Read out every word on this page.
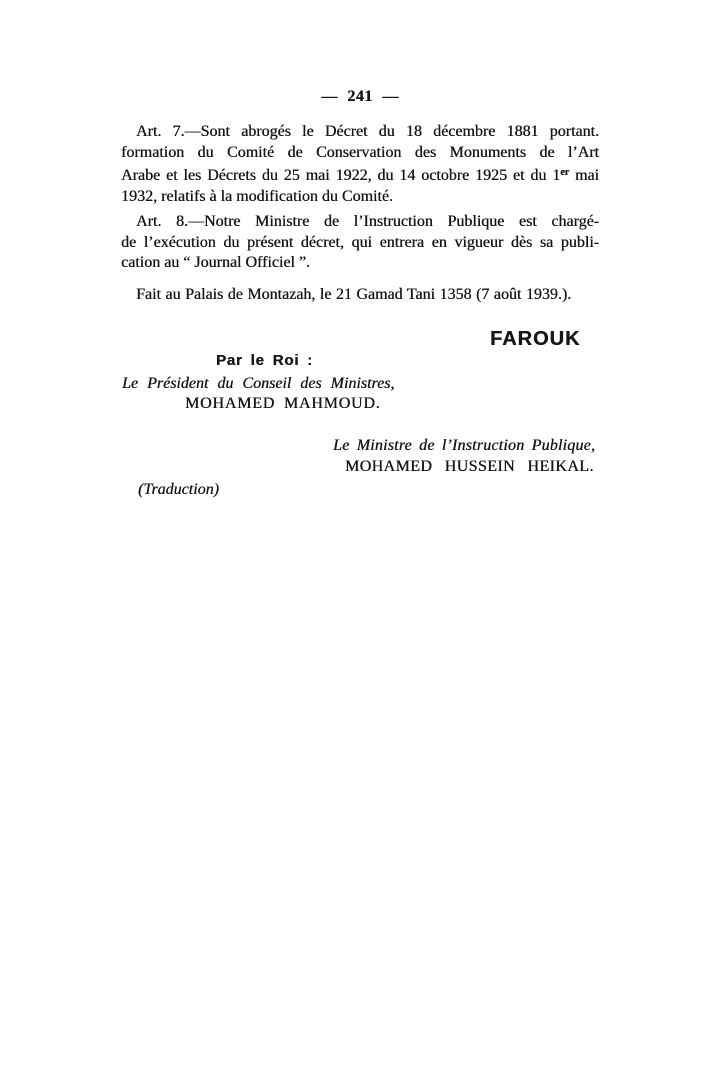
— 241 —
Art. 7.—Sont abrogés le Décret du 18 décembre 1881 portant.
formation du Comité de Conservation des Monuments de l’Art
Arabe et les Décrets du 25 mai 1922, du 14 octobre 1925 et du 1er mai
1932, relatifs à la modification du Comité.
Art. 8.—Notre Ministre de l’Instruction Publique est chargé-
de l’exécution du présent décret, qui entrera en vigueur dès sa publi-
cation au “ Journal Officiel ”.
Fait au Palais de Montazah, le 21 Gamad Tani 1358 (7 août 1939.).
FAROUK
Par le Roi :
Le Président du Conseil des Ministres,
MOHAMED MAHMOUD.
Le Ministre de l’Instruction Publique,
MOHAMED HUSSEIN HEIKAL.
(Traduction)
